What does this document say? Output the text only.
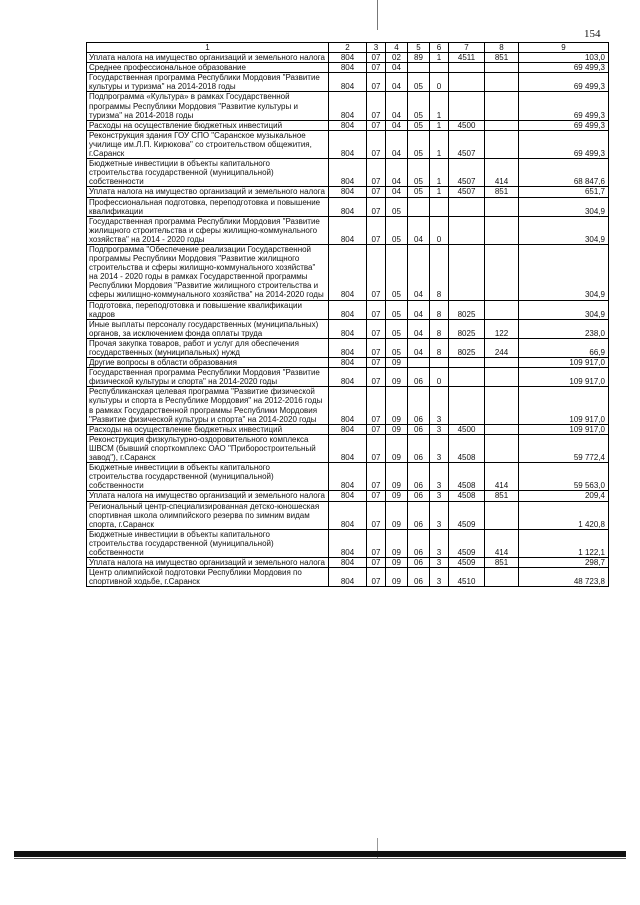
154
1	2	3	4	5	6	7	8	9
Уплата налога на имущество организаций и земельного налога	804	07	02	89	1	4511	851	103,0
Среднее профессиональное образование	804	07	04					69 499,3
Государственная программа Республики Мордовия "Развитие культуры и туризма" на 2014-2018 годы	804	07	04	05	0			69 499,3
Подпрограмма «Культура» в рамках Государственной программы Республики Мордовия "Развитие культуры и туризма" на 2014-2018 годы	804	07	04	05	1			69 499,3
Расходы на осуществление бюджетных инвестиций	804	07	04	05	1	4500		69 499,3
Реконструкция здания ГОУ СПО "Саранское музыкальное училище им.Л.П. Кирюкова" со строительством общежития, г.Саранск	804	07	04	05	1	4507		69 499,3
Бюджетные инвестиции в объекты капитального строительства государственной (муниципальной) собственности	804	07	04	05	1	4507	414	68 847,6
Уплата налога на имущество организаций и земельного налога	804	07	04	05	1	4507	851	651,7
Профессиональная подготовка, переподготовка и повышение квалификации	804	07	05					304,9
Государственная программа Республики Мордовия "Развитие жилищного строительства и сферы жилищно-коммунального хозяйства" на 2014 - 2020 годы	804	07	05	04	0			304,9
Подпрограмма "Обеспечение реализации Государственной программы Республики Мордовия "Развитие жилищного строительства и сферы жилищно-коммунального хозяйства" на 2014 - 2020 годы в рамках Государственной программы Республики Мордовия "Развитие жилищного строительства и сферы жилищно-коммунального хозяйства" на 2014-2020 годы	804	07	05	04	8			304,9
Подготовка, переподготовка и повышение квалификации кадров	804	07	05	04	8	8025		304,9
Иные выплаты персоналу государственных (муниципальных) органов, за исключением фонда оплаты труда	804	07	05	04	8	8025	122	238,0
Прочая закупка товаров, работ и услуг для обеспечения государственных (муниципальных) нужд	804	07	05	04	8	8025	244	66,9
Другие вопросы в области образования	804	07	09					109 917,0
Государственная программа Республики Мордовия "Развитие физической культуры и спорта" на 2014-2020 годы	804	07	09	06	0			109 917,0
Республиканская целевая программа "Развитие физической культуры и спорта в Республике Мордовия" на 2012-2016 годы в рамках Государственной программы Республики Мордовия "Развитие физической культуры и спорта" на 2014-2020 годы	804	07	09	06	3			109 917,0
Расходы на осуществление бюджетных инвестиций	804	07	09	06	3	4500		109 917,0
Реконструкция физкультурно-оздоровительного комплекса ШВСМ (бывший спорткомплекс ОАО "Приборостроительный завод"), г.Саранск	804	07	09	06	3	4508		59 772,4
Бюджетные инвестиции в объекты капитального строительства государственной (муниципальной) собственности	804	07	09	06	3	4508	414	59 563,0
Уплата налога на имущество организаций и земельного налога	804	07	09	06	3	4508	851	209,4
Региональный центр-специализированная детско-юношеская спортивная школа олимпийского резерва по зимним видам спорта, г.Саранск	804	07	09	06	3	4509		1 420,8
Бюджетные инвестиции в объекты капитального строительства государственной (муниципальной) собственности	804	07	09	06	3	4509	414	1 122,1
Уплата налога на имущество организаций и земельного налога	804	07	09	06	3	4509	851	298,7
Центр олимпийской подготовки Республики Мордовия по спортивной ходьбе, г.Саранск	804	07	09	06	3	4510		48 723,8
